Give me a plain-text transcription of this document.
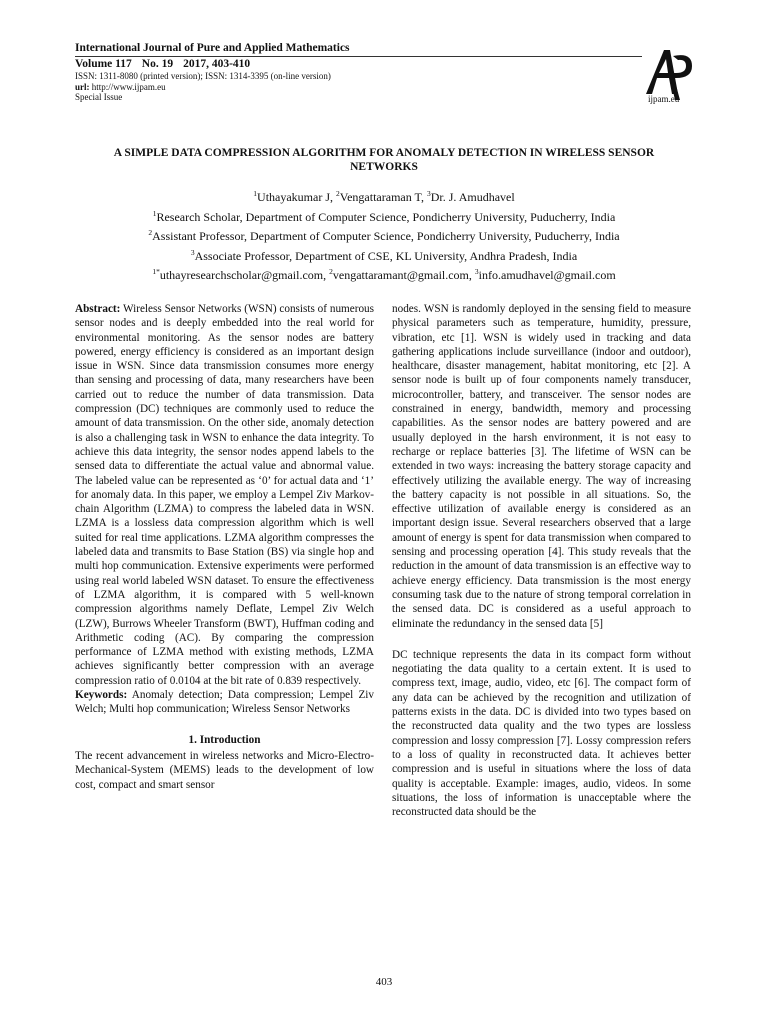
International Journal of Pure and Applied Mathematics
Volume 117 No. 19 2017, 403-410
ISSN: 1311-8080 (printed version); ISSN: 1314-3395 (on-line version)
url: http://www.ijpam.eu
Special Issue	ijpam.eu
A SIMPLE DATA COMPRESSION ALGORITHM FOR ANOMALY DETECTION IN WIRELESS SENSOR NETWORKS
$^1$Uthayakumar J, $^2$Vengattaraman T, $^3$Dr. J. Amudhavel
$^1$Research Scholar, Department of Computer Science, Pondicherry University, Puducherry, India
$^2$Assistant Professor, Department of Computer Science, Pondicherry University, Puducherry, India
$^3$Associate Professor, Department of CSE, KL University, Andhra Pradesh, India
$^{1*}$uthayresearchscholar@gmail.com, $^2$vengattaramant@gmail.com, $^3$info.amudhavel@gmail.com

Abstract: Wireless Sensor Networks (WSN) consists of numerous sensor nodes and is deeply embedded into the real world for environmental monitoring. As the sensor nodes are battery powered, energy efficiency is considered as an important design issue in WSN. Since data transmission consumes more energy than sensing and processing of data, many researchers have been carried out to reduce the number of data transmission. Data compression (DC) techniques are commonly used to reduce the amount of data transmission. On the other side, anomaly detection is also a challenging task in WSN to enhance the data integrity. To achieve this data integrity, the sensor nodes append labels to the sensed data to differentiate the actual value and abnormal value. The labeled value can be represented as ‘0’ for actual data and ‘1’ for anomaly data. In this paper, we employ a Lempel Ziv Markov-chain Algorithm (LZMA) to compress the labeled data in WSN. LZMA is a lossless data compression algorithm which is well suited for real time applications. LZMA algorithm compresses the labeled data and transmits to Base Station (BS) via single hop and multi hop communication. Extensive experiments were performed using real world labeled WSN dataset. To ensure the effectiveness of LZMA algorithm, it is compared with 5 well-known compression algorithms namely Deflate, Lempel Ziv Welch (LZW), Burrows Wheeler Transform (BWT), Huffman coding and Arithmetic coding (AC). By comparing the compression performance of LZMA method with existing methods, LZMA achieves significantly better compression with an average compression ratio of 0.0104 at the bit rate of 0.839 respectively.

Keywords: Anomaly detection; Data compression; Lempel Ziv Welch; Multi hop communication; Wireless Sensor Networks

1. Introduction

The recent advancement in wireless networks and Micro-Electro-Mechanical-System (MEMS) leads to the development of low cost, compact and smart sensor

nodes. WSN is randomly deployed in the sensing field to measure physical parameters such as temperature, humidity, pressure, vibration, etc [1]. WSN is widely used in tracking and data gathering applications include surveillance (indoor and outdoor), healthcare, disaster management, habitat monitoring, etc [2]. A sensor node is built up of four components namely transducer, microcontroller, battery, and transceiver. The sensor nodes are constrained in energy, bandwidth, memory and processing capabilities. As the sensor nodes are battery powered and are usually deployed in the harsh environment, it is not easy to recharge or replace batteries [3]. The lifetime of WSN can be extended in two ways: increasing the battery storage capacity and effectively utilizing the available energy. The way of increasing the battery capacity is not possible in all situations. So, the effective utilization of available energy is considered as an important design issue. Several researchers observed that a large amount of energy is spent for data transmission when compared to sensing and processing operation [4]. This study reveals that the reduction in the amount of data transmission is an effective way to achieve energy efficiency. Data transmission is the most energy consuming task due to the nature of strong temporal correlation in the sensed data. DC is considered as a useful approach to eliminate the redundancy in the sensed data [5]

DC technique represents the data in its compact form without negotiating the data quality to a certain extent. It is used to compress text, image, audio, video, etc [6]. The compact form of any data can be achieved by the recognition and utilization of patterns exists in the data. DC is divided into two types based on the reconstructed data quality and the two types are lossless compression and lossy compression [7]. Lossy compression refers to a loss of quality in reconstructed data. It achieves better compression and is useful in situations where the loss of data quality is acceptable. Example: images, audio, videos. In some situations, the loss of information is unacceptable where the reconstructed data should be the

403
